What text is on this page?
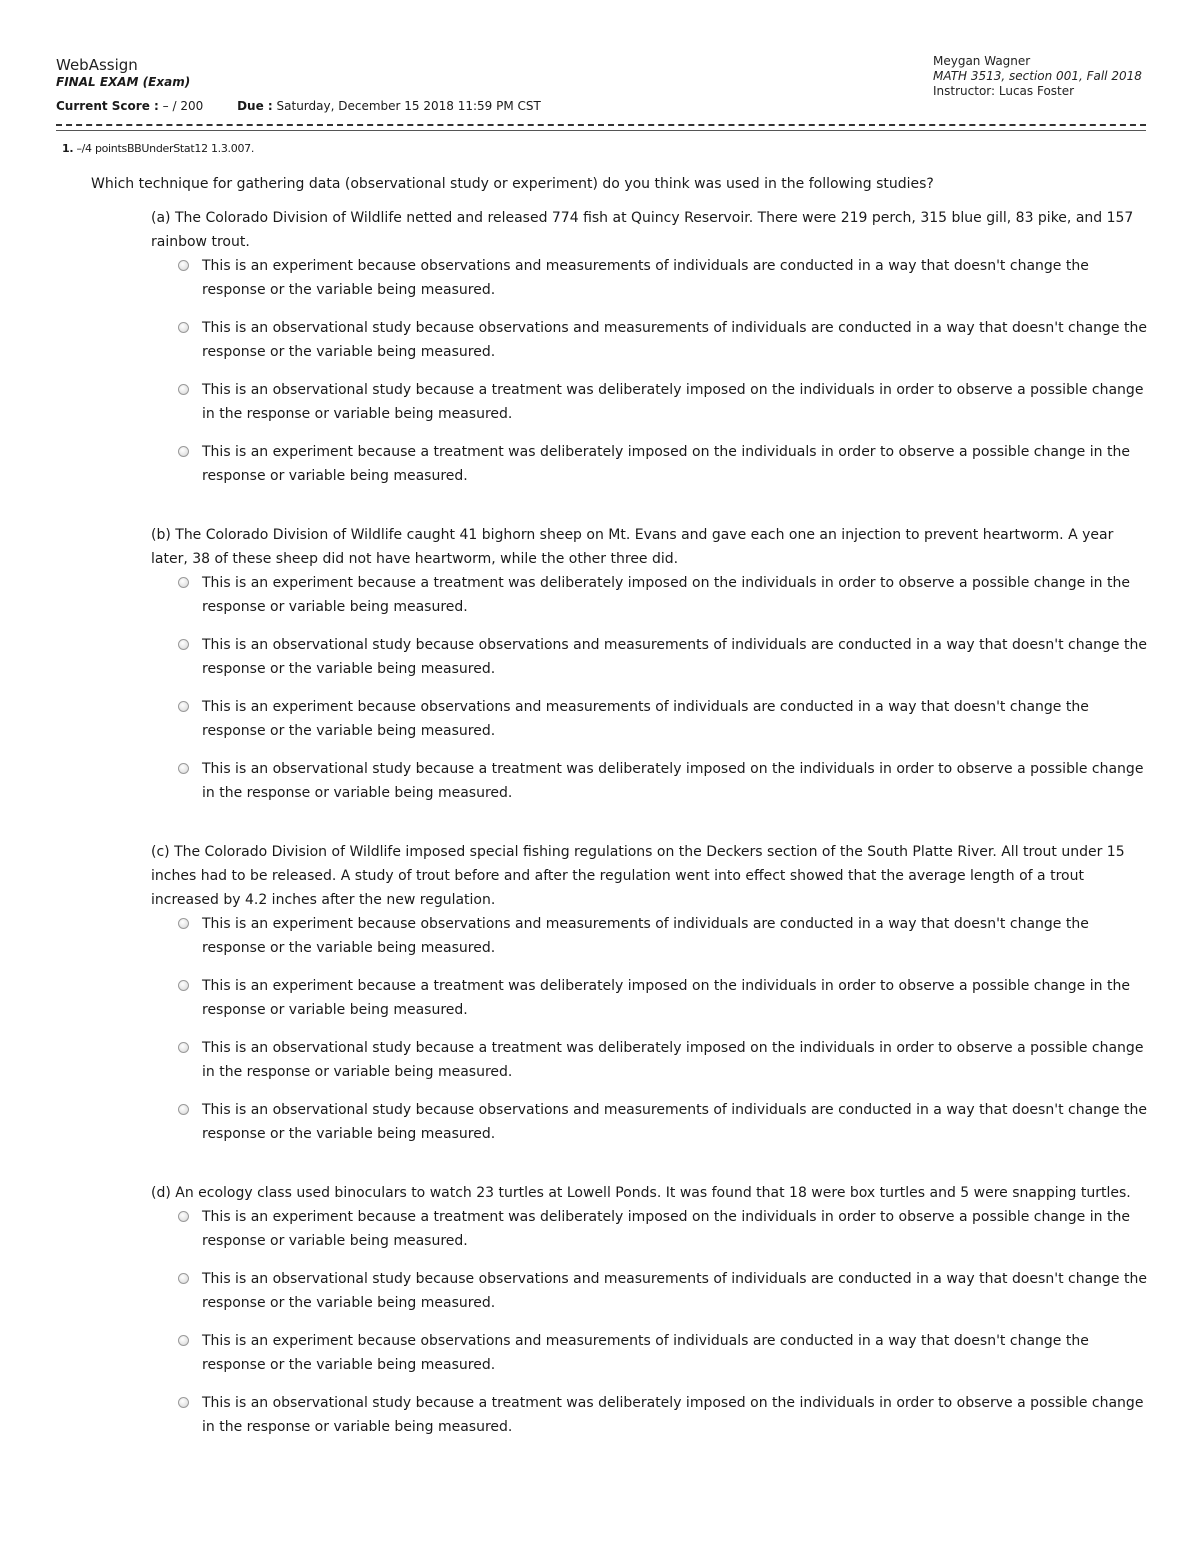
WebAssign
FINAL EXAM (Exam)
Current Score : – / 200	Due : Saturday, December 15 2018 11:59 PM CST
Meygan Wagner
MATH 3513, section 001, Fall 2018
Instructor: Lucas Foster
1. –/4 pointsBBUnderStat12 1.3.007.
Which technique for gathering data (observational study or experiment) do you think was used in the following studies?
(a) The Colorado Division of Wildlife netted and released 774 fish at Quincy Reservoir. There were 219 perch, 315 blue gill, 83 pike, and 157 rainbow trout.
This is an experiment because observations and measurements of individuals are conducted in a way that doesn't change the response or the variable being measured.
This is an observational study because observations and measurements of individuals are conducted in a way that doesn't change the response or the variable being measured.
This is an observational study because a treatment was deliberately imposed on the individuals in order to observe a possible change in the response or variable being measured.
This is an experiment because a treatment was deliberately imposed on the individuals in order to observe a possible change in the response or variable being measured.
(b) The Colorado Division of Wildlife caught 41 bighorn sheep on Mt. Evans and gave each one an injection to prevent heartworm. A year later, 38 of these sheep did not have heartworm, while the other three did.
This is an experiment because a treatment was deliberately imposed on the individuals in order to observe a possible change in the response or variable being measured.
This is an observational study because observations and measurements of individuals are conducted in a way that doesn't change the response or the variable being measured.
This is an experiment because observations and measurements of individuals are conducted in a way that doesn't change the response or the variable being measured.
This is an observational study because a treatment was deliberately imposed on the individuals in order to observe a possible change in the response or variable being measured.
(c) The Colorado Division of Wildlife imposed special fishing regulations on the Deckers section of the South Platte River. All trout under 15 inches had to be released. A study of trout before and after the regulation went into effect showed that the average length of a trout increased by 4.2 inches after the new regulation.
This is an experiment because observations and measurements of individuals are conducted in a way that doesn't change the response or the variable being measured.
This is an experiment because a treatment was deliberately imposed on the individuals in order to observe a possible change in the response or variable being measured.
This is an observational study because a treatment was deliberately imposed on the individuals in order to observe a possible change in the response or variable being measured.
This is an observational study because observations and measurements of individuals are conducted in a way that doesn't change the response or the variable being measured.
(d) An ecology class used binoculars to watch 23 turtles at Lowell Ponds. It was found that 18 were box turtles and 5 were snapping turtles.
This is an experiment because a treatment was deliberately imposed on the individuals in order to observe a possible change in the response or variable being measured.
This is an observational study because observations and measurements of individuals are conducted in a way that doesn't change the response or the variable being measured.
This is an experiment because observations and measurements of individuals are conducted in a way that doesn't change the response or the variable being measured.
This is an observational study because a treatment was deliberately imposed on the individuals in order to observe a possible change in the response or variable being measured.
